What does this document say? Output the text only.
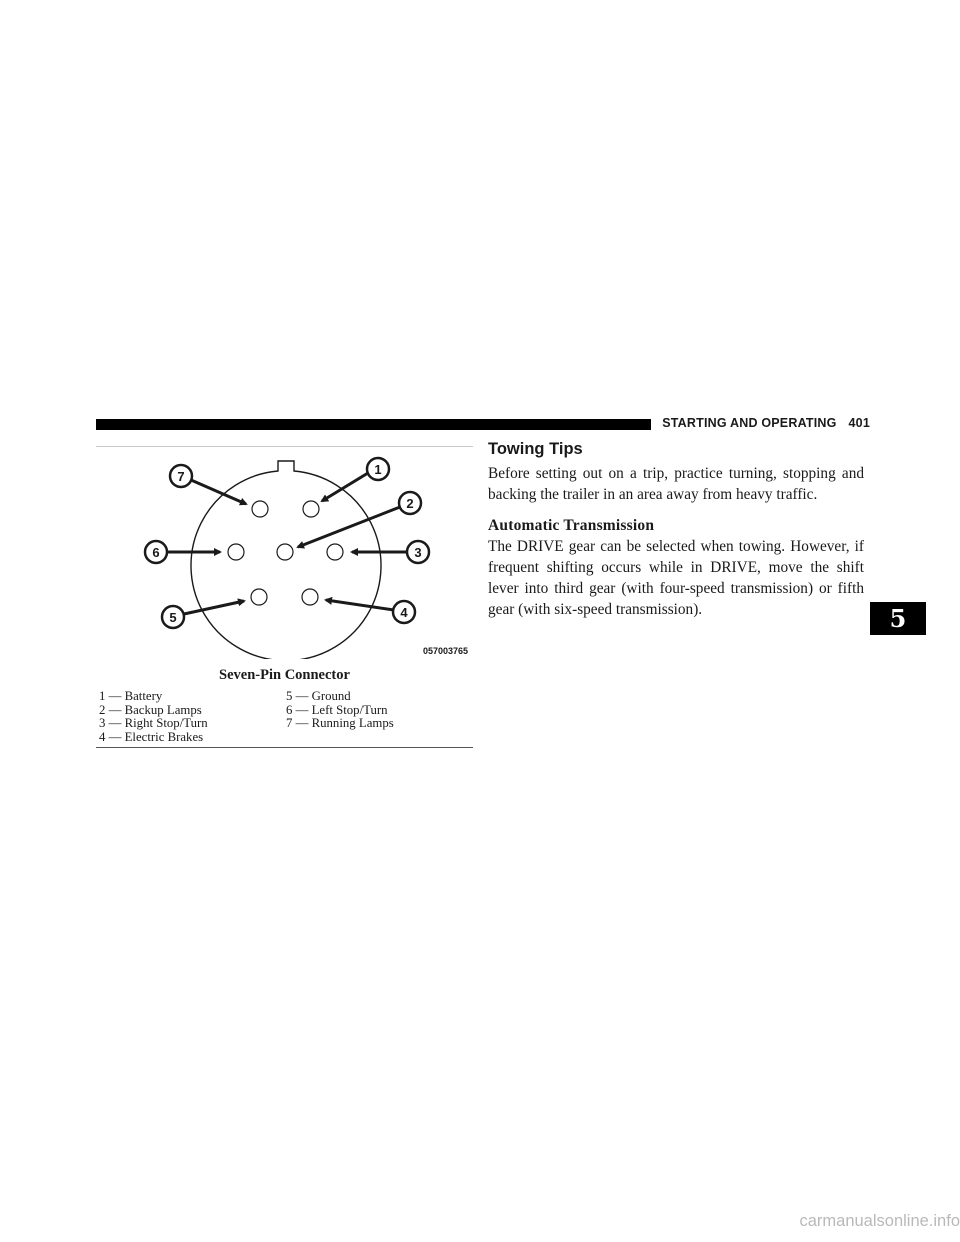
STARTING AND OPERATING 401
7	1
2
6	3
5	4
057003765
Seven-Pin Connector
1 — Battery
2 — Backup Lamps
3 — Right Stop/Turn
4 — Electric Brakes
5 — Ground
6 — Left Stop/Turn
7 — Running Lamps
Towing Tips

Before setting out on a trip, practice turning, stopping and backing the trailer in an area away from heavy traffic.

Automatic Transmission

The DRIVE gear can be selected when towing. However, if frequent shifting occurs while in DRIVE, move the shift lever into third gear (with four-speed transmission) or fifth gear (with six-speed transmission).	5
carmanualsonline.info
